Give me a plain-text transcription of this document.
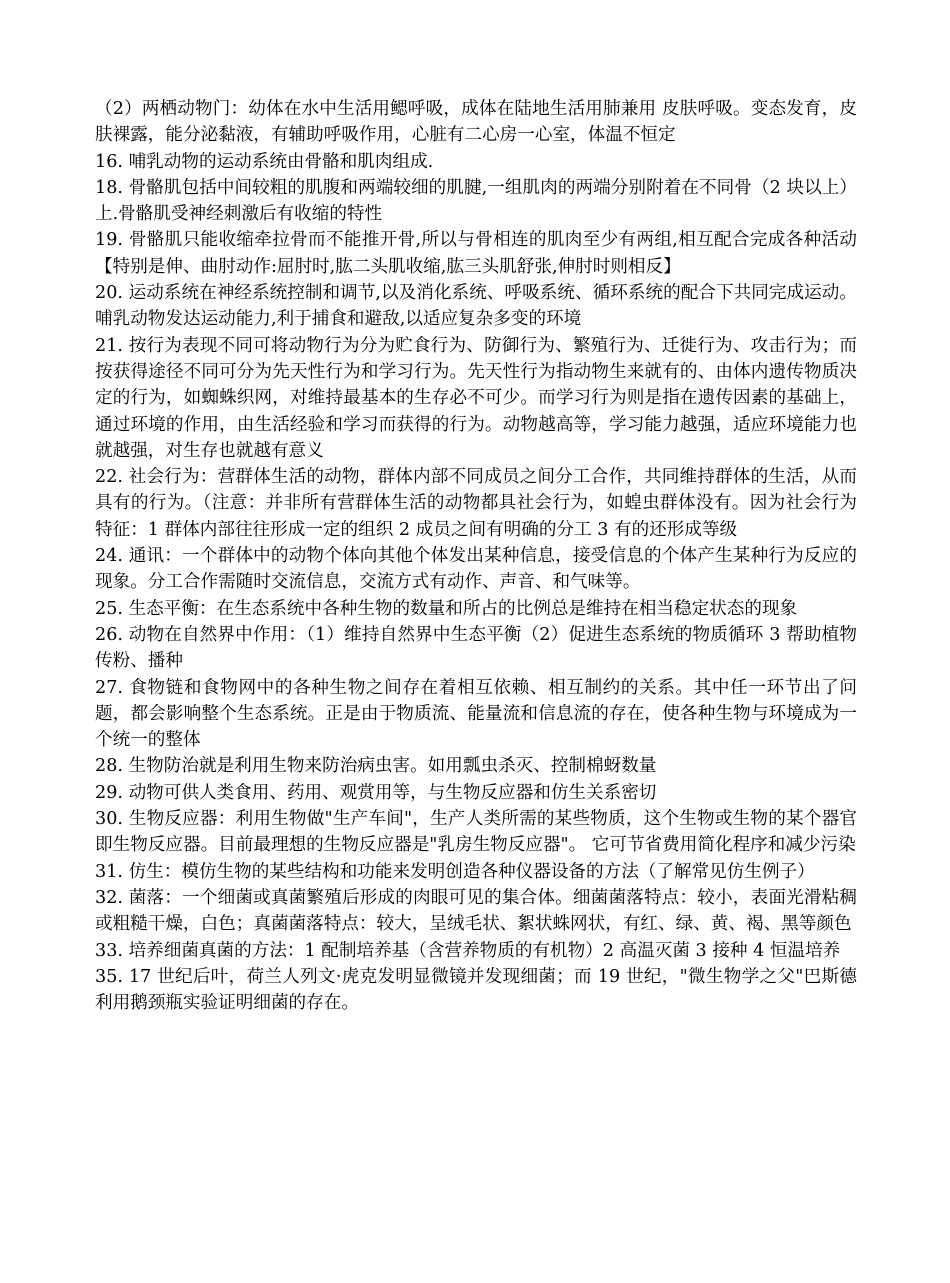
（2）两栖动物门：幼体在水中生活用鳃呼吸，成体在陆地生活用肺兼用 皮肤呼吸。变态发育，皮肤裸露，能分泌黏液，有辅助呼吸作用，心脏有二心房一心室，体温不恒定

16. 哺乳动物的运动系统由骨骼和肌肉组成.

18. 骨骼肌包括中间较粗的肌腹和两端较细的肌腱,一组肌肉的两端分别附着在不同骨（2 块以上）上.骨骼肌受神经刺激后有收缩的特性

19. 骨骼肌只能收缩牵拉骨而不能推开骨,所以与骨相连的肌肉至少有两组,相互配合完成各种活动【特别是伸、曲肘动作:屈肘时,肱二头肌收缩,肱三头肌舒张,伸肘时则相反】

20. 运动系统在神经系统控制和调节,以及消化系统、呼吸系统、循环系统的配合下共同完成运动。哺乳动物发达运动能力,利于捕食和避敌,以适应复杂多变的环境

21. 按行为表现不同可将动物行为分为贮食行为、防御行为、繁殖行为、迁徙行为、攻击行为；而按获得途径不同可分为先天性行为和学习行为。先天性行为指动物生来就有的、由体内遗传物质决定的行为，如蜘蛛织网，对维持最基本的生存必不可少。而学习行为则是指在遗传因素的基础上，通过环境的作用，由生活经验和学习而获得的行为。动物越高等，学习能力越强，适应环境能力也就越强，对生存也就越有意义

22. 社会行为：营群体生活的动物，群体内部不同成员之间分工合作，共同维持群体的生活，从而具有的行为。（注意：并非所有营群体生活的动物都具社会行为，如蝗虫群体没有。因为社会行为特征：1 群体内部往往形成一定的组织 2 成员之间有明确的分工 3 有的还形成等级

24. 通讯：一个群体中的动物个体向其他个体发出某种信息，接受信息的个体产生某种行为反应的现象。分工合作需随时交流信息，交流方式有动作、声音、和气味等。

25. 生态平衡：在生态系统中各种生物的数量和所占的比例总是维持在相当稳定状态的现象

26. 动物在自然界中作用：（1）维持自然界中生态平衡（2）促进生态系统的物质循环 3 帮助植物传粉、播种

27. 食物链和食物网中的各种生物之间存在着相互依赖、相互制约的关系。其中任一环节出了问题，都会影响整个生态系统。正是由于物质流、能量流和信息流的存在，使各种生物与环境成为一个统一的整体

28. 生物防治就是利用生物来防治病虫害。如用瓢虫杀灭、控制棉蚜数量

29. 动物可供人类食用、药用、观赏用等，与生物反应器和仿生关系密切

30. 生物反应器：利用生物做"生产车间"，生产人类所需的某些物质，这个生物或生物的某个器官即生物反应器。目前最理想的生物反应器是"乳房生物反应器"。 它可节省费用简化程序和减少污染

31. 仿生：模仿生物的某些结构和功能来发明创造各种仪器设备的方法（了解常见仿生例子）

32. 菌落：一个细菌或真菌繁殖后形成的肉眼可见的集合体。细菌菌落特点：较小，表面光滑粘稠或粗糙干燥，白色；真菌菌落特点：较大，呈绒毛状、絮状蛛网状，有红、绿、黄、褐、黑等颜色

33. 培养细菌真菌的方法：1 配制培养基（含营养物质的有机物）2 高温灭菌 3 接种 4 恒温培养

35. 17 世纪后叶，荷兰人列文·虎克发明显微镜并发现细菌；而 19 世纪，"微生物学之父"巴斯德利用鹅颈瓶实验证明细菌的存在。
